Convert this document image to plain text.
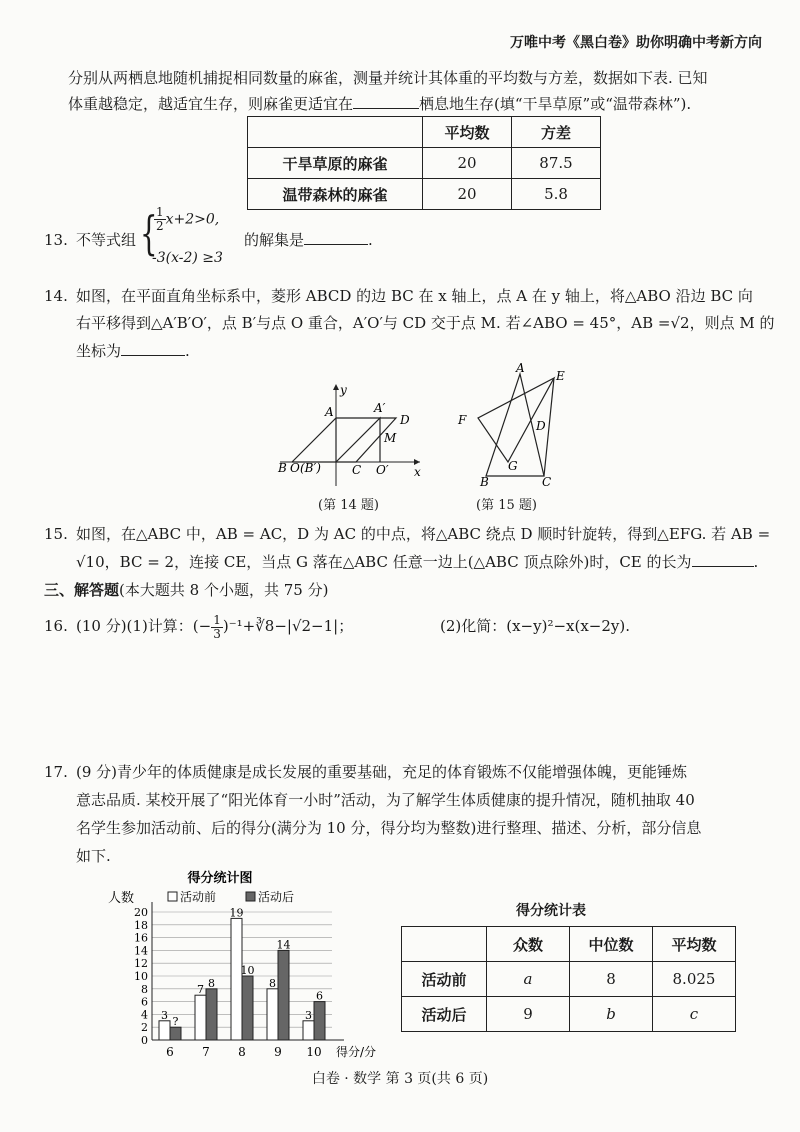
万唯中考《黑白卷》助你明确中考新方向
分别从两栖息地随机捕捉相同数量的麻雀，测量并统计其体重的平均数与方差，数据如下表. 已知
体重越稳定，越适宜生存，则麻雀更适宜在	栖息地生存(填“干旱草原”或“温带森林”).
	平均数	方差
干旱草原的麻雀	20	87.5
温带森林的麻雀	20	5.8
13. 不等式组 {
$\frac{1}{2} x+2>0$,
-3(x-2) ≥3
的解集是	.
14. 如图，在平面直角坐标系中，菱形 ABCD 的边 BC 在 x 轴上，点 A 在 y 轴上，将△ABO 沿边 BC 向
右平移得到△A′B′O′，点 B′与点 O 重合，A′O′与 CD 交于点 M. 若∠ABO = 45°，AB =√2，则点 M 的
坐标为	.
B O (B′)	C O′ x
y
A	A′
D
M
(第 14 题)
A
E
F	D
G
B	C
(第 15 题)
15. 如图，在△ABC 中，AB = AC，D 为 AC 的中点，将△ABC 绕点 D 顺时针旋转，得到△EFG. 若 AB =
√10，BC = 2，连接 CE，当点 G 落在△ABC 任意一边上(△ABC 顶点除外)时，CE 的长为	.
三、解答题(本大题共 8 个小题，共 75 分)
16. (10 分)(1)计算：(− $\frac{1}{3}$ )⁻¹+∛8−|√2−1|；	(2)化简：(x−y)²−x(x−2y).
17. (9 分)青少年的体质健康是成长发展的重要基础，充足的体育锻炼不仅能增强体魄，更能锤炼
意志品质. 某校开展了“阳光体育一小时”活动，为了解学生体质健康的提升情况，随机抽取 40
名学生参加活动前、后的得分(满分为 10 分，得分均为整数)进行整理、描述、分析，部分信息
如下.
得分统计图
人数	活动前	活动后
0
2
4
6
8
10
12
14
16
18
20
3 ?
6
7 8
7
19
10
8
8
14
9
3
6
10 得分/分
得分统计表
	众数	中位数	平均数
活动前	a	8	8.025
活动后	9	b	c
白卷 · 数学 第 3 页(共 6 页)
